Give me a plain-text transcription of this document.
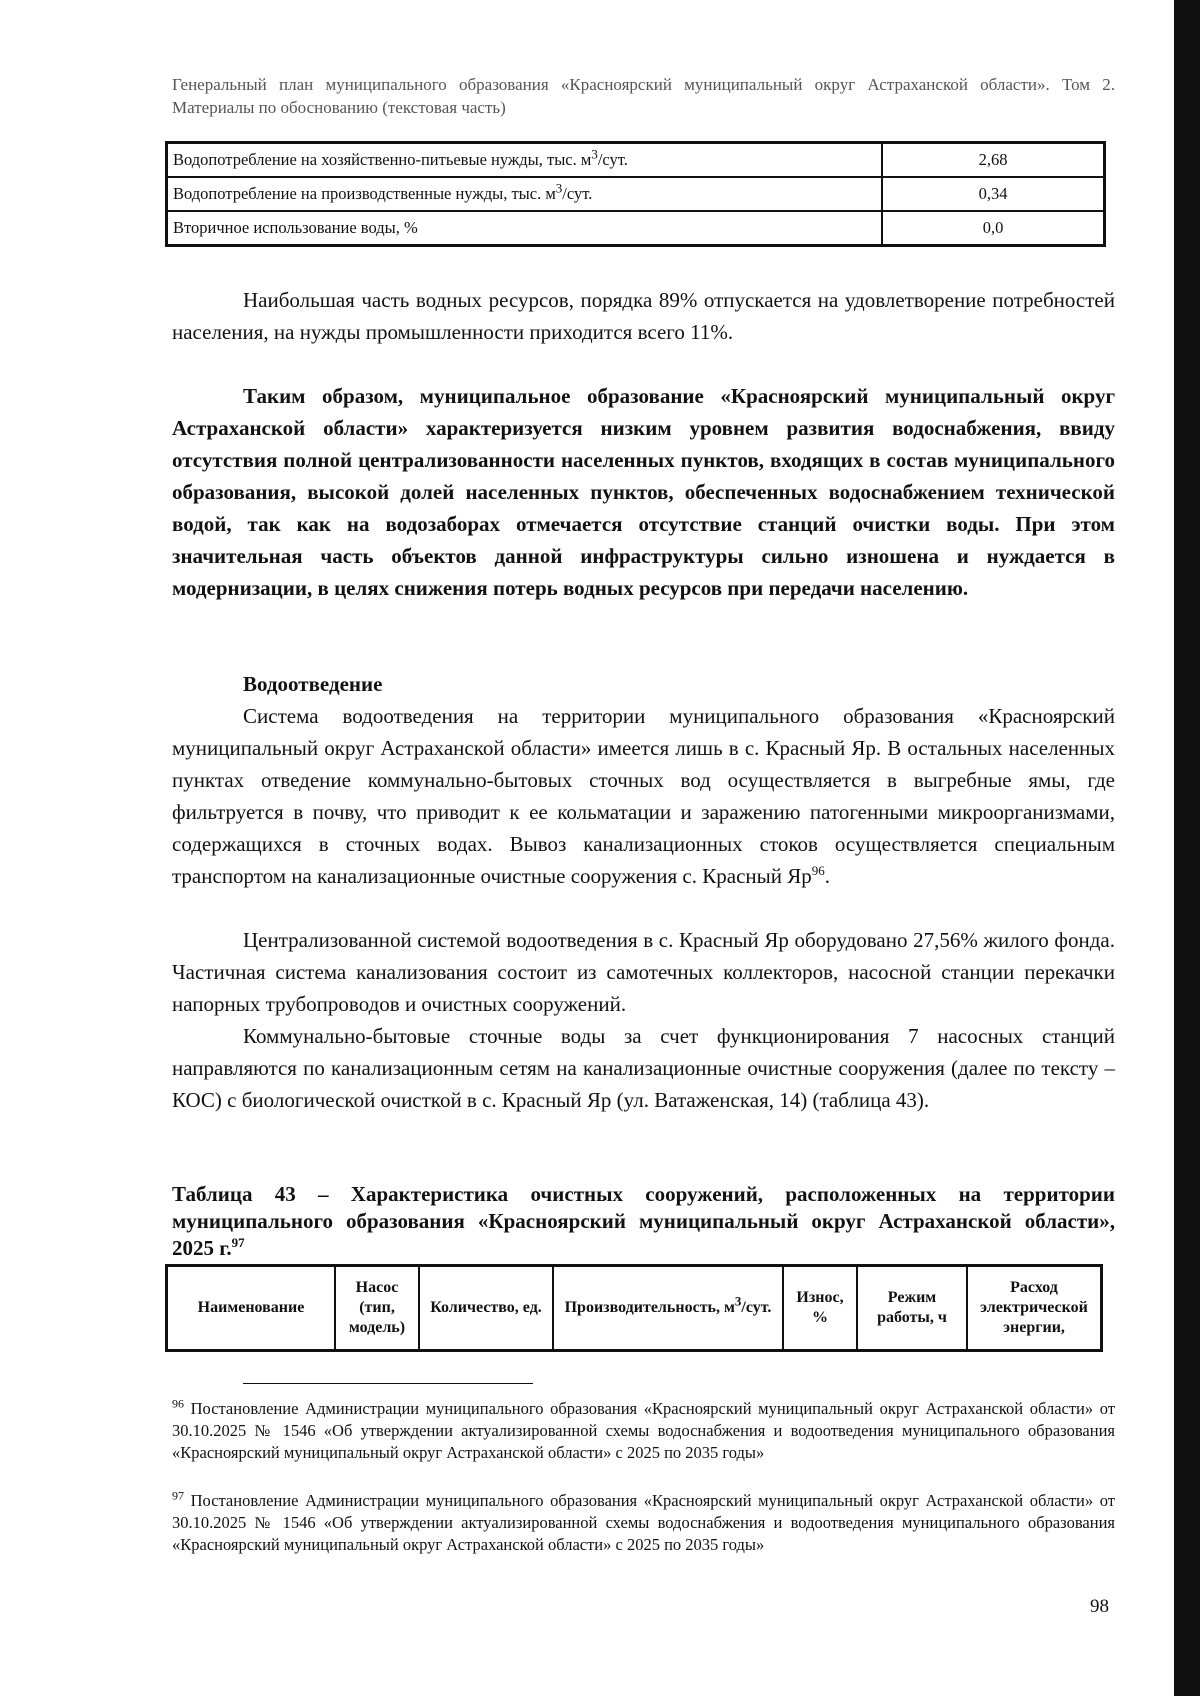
Генеральный план муниципального образования «Красноярский муниципальный округ Астраханской области». Том 2. Материалы по обоснованию (текстовая часть)
Водопотребление на хозяйственно-питьевые нужды, тыс. $м^3$/сут.	2,68
Водопотребление на производственные нужды, тыс. $м^3$/сут.	0,34
Вторичное использование воды, %	0,0
Наибольшая часть водных ресурсов, порядка 89% отпускается на удовлетворение потребностей населения, на нужды промышленности приходится всего 11%.
Таким образом, муниципальное образование «Красноярский муниципальный округ Астраханской области» характеризуется низким уровнем развития водоснабжения, ввиду отсутствия полной централизованности населенных пунктов, входящих в состав муниципального образования, высокой долей населенных пунктов, обеспеченных водоснабжением технической водой, так как на водозаборах отмечается отсутствие станций очистки воды. При этом значительная часть объектов данной инфраструктуры сильно изношена и нуждается в модернизации, в целях снижения потерь водных ресурсов при передачи населению.
Водоотведение
Система водоотведения на территории муниципального образования «Красноярский муниципальный округ Астраханской области» имеется лишь в с. Красный Яр. В остальных населенных пунктах отведение коммунально-бытовых сточных вод осуществляется в выгребные ямы, где фильтруется в почву, что приводит к ее кольматации и заражению патогенными микроорганизмами, содержащихся в сточных водах. Вывоз канализационных стоков осуществляется специальным транспортом на канализационные очистные сооружения с. Красный $Яр^{96}$.
Централизованной системой водоотведения в с. Красный Яр оборудовано 27,56% жилого фонда. Частичная система канализования состоит из самотечных коллекторов, насосной станции перекачки напорных трубопроводов и очистных сооружений.
Коммунально-бытовые сточные воды за счет функционирования 7 насосных станций направляются по канализационным сетям на канализационные очистные сооружения (далее по тексту – КОС) с биологической очисткой в с. Красный Яр (ул. Ватаженская, 14) (таблица 43).
Таблица 43 – Характеристика очистных сооружений, расположенных на территории муниципального образования «Красноярский муниципальный округ Астраханской области», 2025 г.$^{97}$
Наименование	Насос (тип, модель)	Количество, ед.	Производительность, $м^3$/сут.	Износ, %	Режим работы, ч	Расход электрической энергии,
$^{96}$ Постановление Администрации муниципального образования «Красноярский муниципальный округ Астраханской области» от 30.10.2025 № 1546 «Об утверждении актуализированной схемы водоснабжения и водоотведения муниципального образования «Красноярский муниципальный округ Астраханской области» с 2025 по 2035 годы»
$^{97}$ Постановление Администрации муниципального образования «Красноярский муниципальный округ Астраханской области» от 30.10.2025 № 1546 «Об утверждении актуализированной схемы водоснабжения и водоотведения муниципального образования «Красноярский муниципальный округ Астраханской области» с 2025 по 2035 годы»
98
